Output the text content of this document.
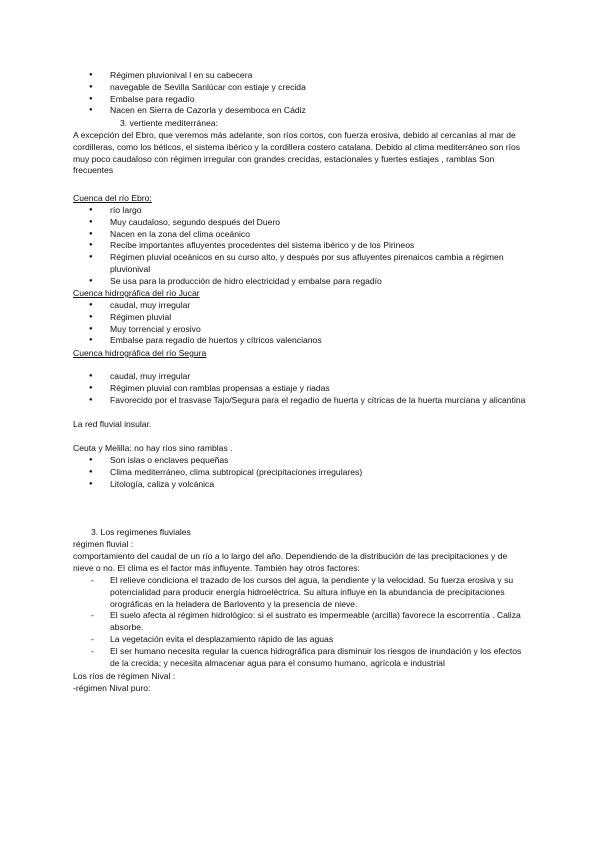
● Régimen pluvionival l en su cabecera
● navegable de Sevilla Sanlúcar con estiaje y crecida
● Embalse para regadío
● Nacen en Sierra de Cazorla y desemboca en Cádiz

3. vertiente mediterránea:

A excepción del Ebro, que veremos más adelante, son ríos cortos, con fuerza erosiva, debido al cercanías al mar de cordilleras, como los béticos, el sistema ibérico y la cordillera costero catalana. Debido al clima mediterráneo son ríos muy poco caudaloso con régimen irregular con grandes crecidas, estacionales y fuertes estiajes , ramblas Son frecuentes

Cuenca del río Ebro:

● río largo
● Muy caudaloso, segundo después del Duero
● Nacen en la zona del clima oceánico
● Recibe importantes afluyentes procedentes del sistema ibérico y de los Pirineos
● Régimen pluvial oceánicos en su curso alto, y después por sus afluyentes pirenaicos cambia a régimen pluvionival
● Se usa para la producción de hidro electricidad y embalse para regadío

Cuenca hidrográfica del río Jucar

● caudal, muy irregular
● Régimen pluvial
● Muy torrencial y erosivo
● Embalse para regadío de huertos y cítricos valencianos

Cuenca hidrográfica del río Segura

● caudal, muy irregular
● Régimen pluvial con ramblas propensas a estiaje y riadas
● Favorecido por el trasvase Tajo/Segura para el regadío de huerta y cítricas de la huerta murciana y alicantina

La red fluvial insular.

Ceuta y Melilla: no hay ríos sino ramblas .

● Son islas o enclaves pequeñas
● Clima mediterráneo, clima subtropical (precipitaciones irregulares)
● Litología, caliza y volcánica

3. Los regímenes fluviales

régimen fluvial :

comportamiento del caudal de un río a lo largo del año. Dependiendo de la distribución de las precipitaciones y de nieve o no. El clima es el factor más influyente. También hay otros factores:

- El relieve condiciona el trazado de los cursos del agua, la pendiente y la velocidad. Su fuerza erosiva y su potencialidad para producir energía hidroeléctrica. Su altura influye en la abundancia de precipitaciones orográficas en la heladera de Barlovento y la presencia de nieve.
- El suelo afecta al régimen hidrológico: si el sustrato es impermeable (arcilla) favorece la escorrentía . Caliza absorbe.
- La vegetación evita el desplazamiento rápido de las aguas
- El ser humano necesita regular la cuenca hidrográfica para disminuir los riesgos de inundación y los efectos de la crecida; y necesita almacenar agua para el consumo humano, agrícola e industrial

Los ríos de régimen Nival :

-régimen Nival puro:
